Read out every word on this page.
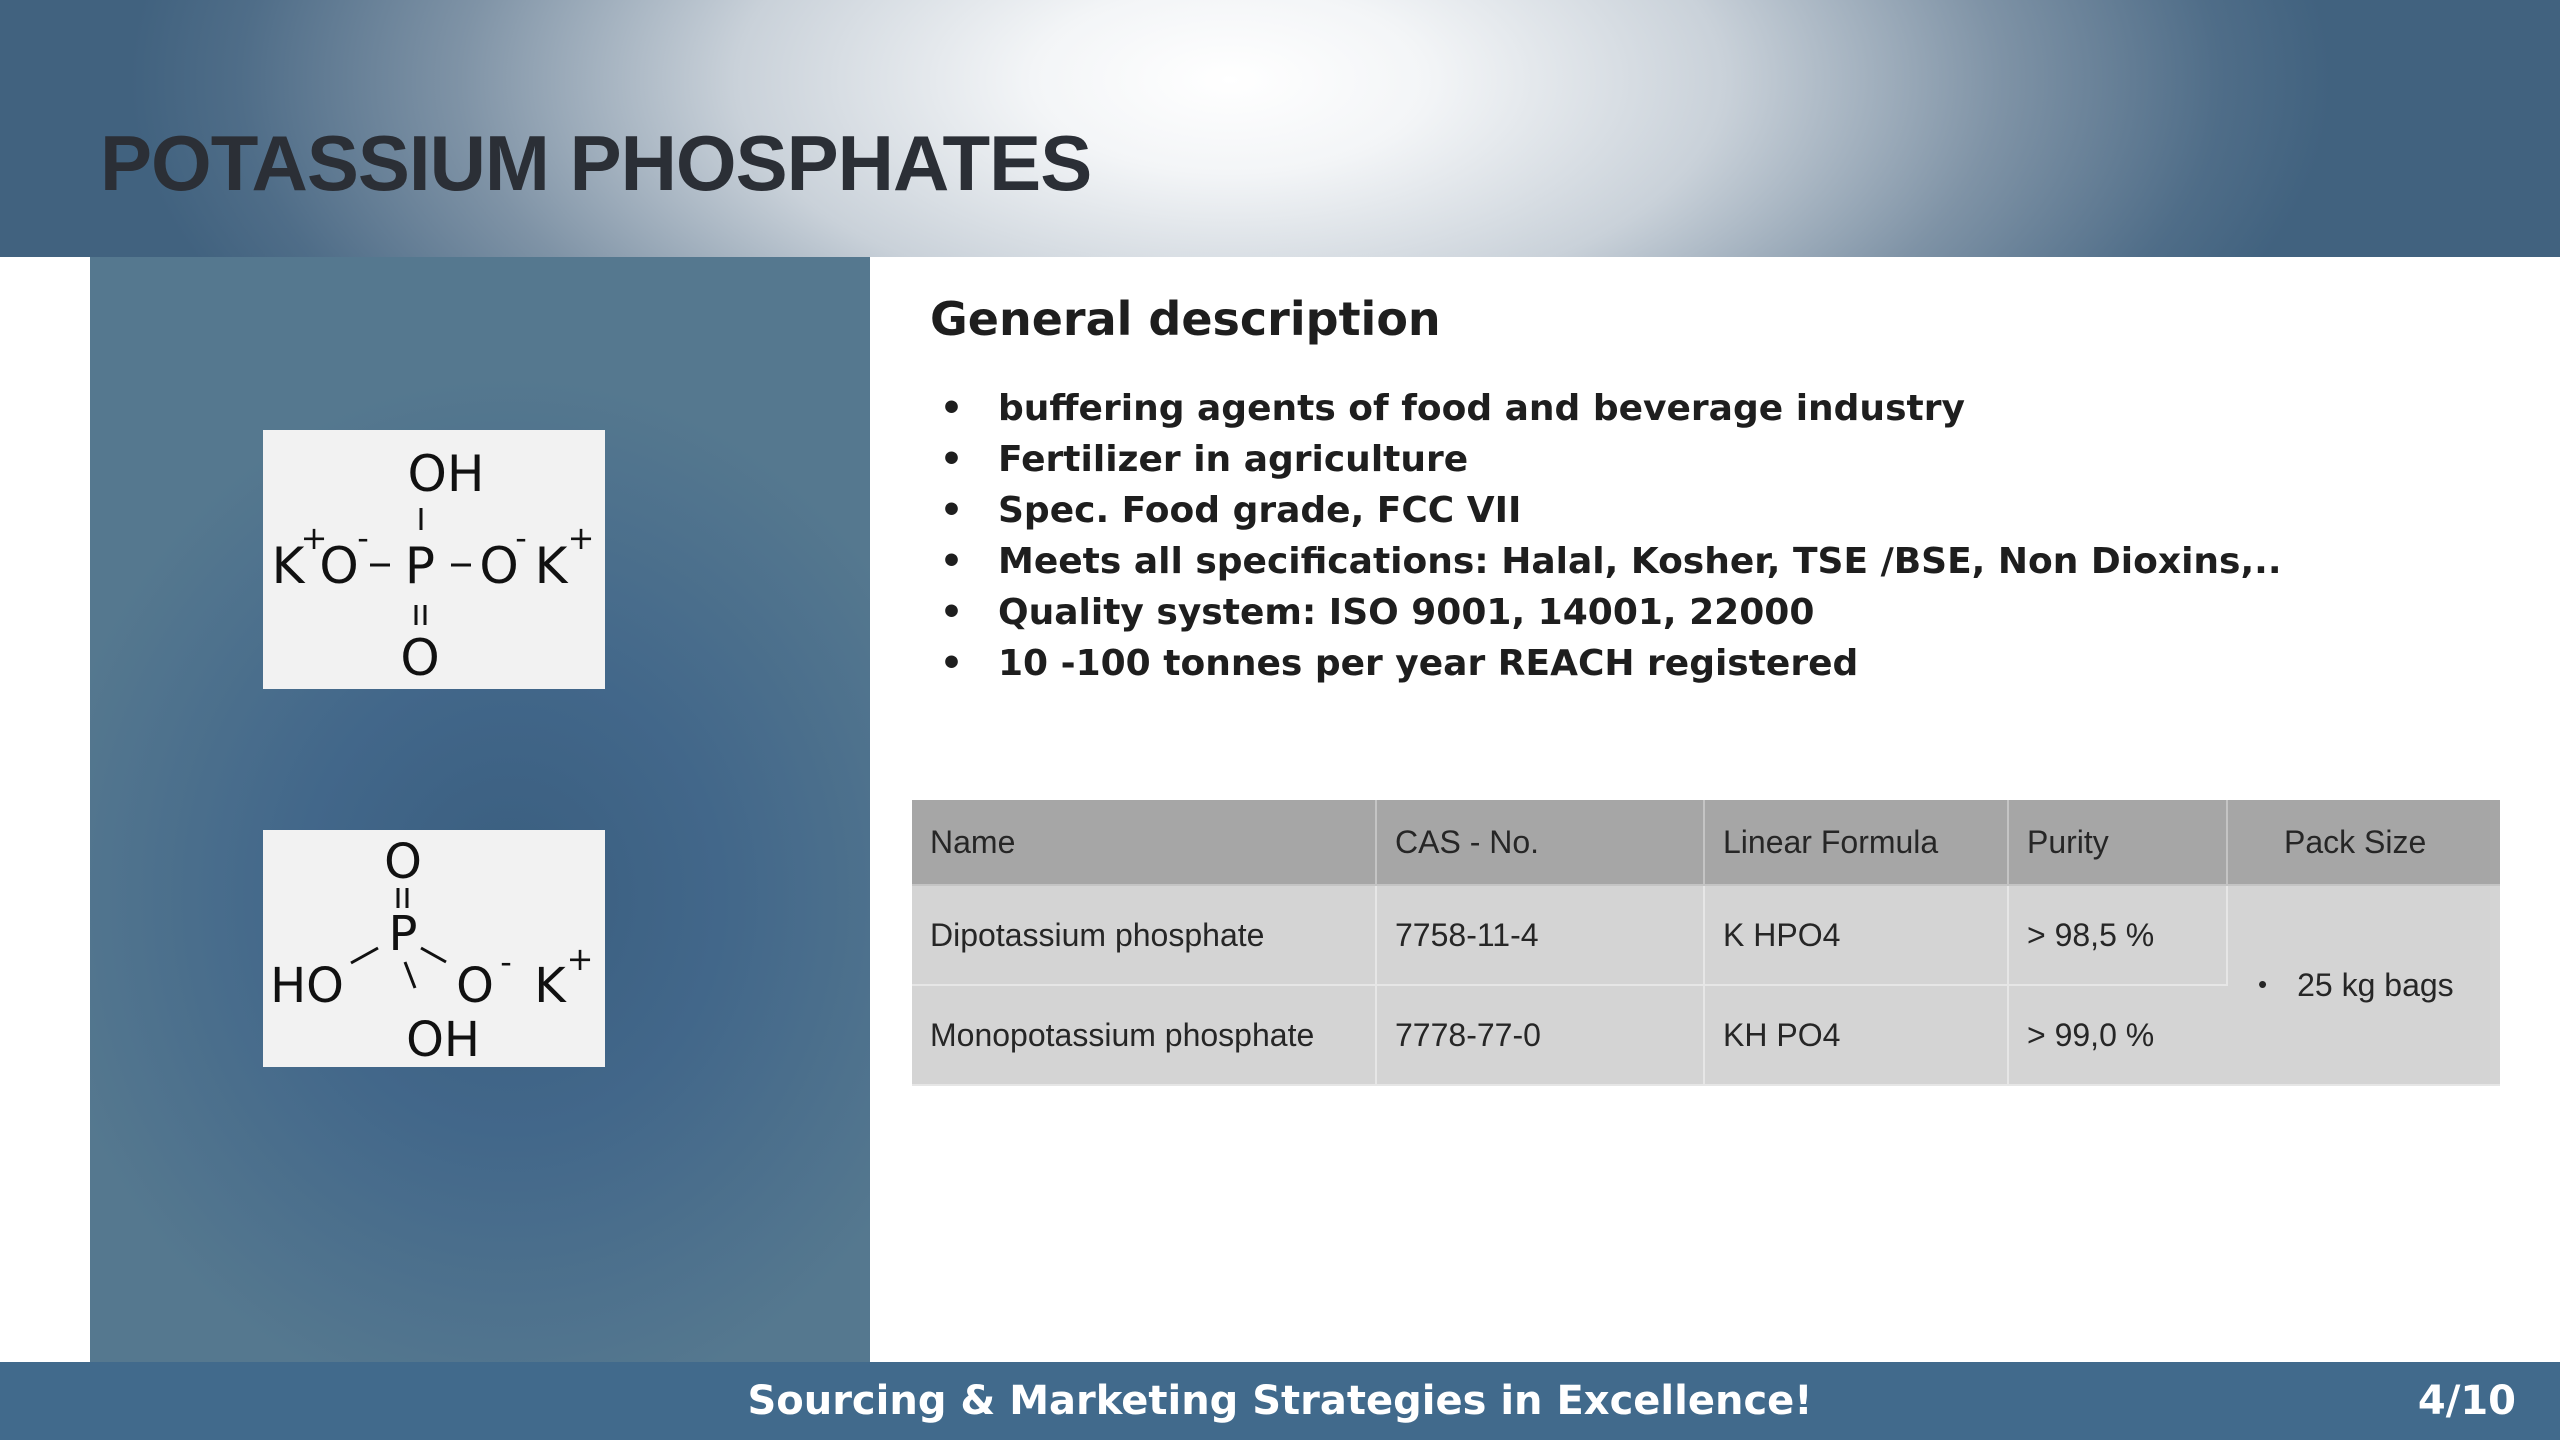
POTASSIUM PHOSPHATES
OH
K
+
O
- P O
- K +
O
O
P
HO O - K +
OH
General description
• buffering agents of food and beverage industry
• Fertilizer in agriculture
• Spec. Food grade, FCC VII
• Meets all specifications: Halal, Kosher, TSE /BSE, Non Dioxins,..
• Quality system: ISO 9001, 14001, 22000
• 10 -100 tonnes per year REACH registered
Name	CAS - No.	Linear Formula	Purity	Pack Size
Dipotassium phosphate	7758-11-4	K HPO4	> 98,5 %	• 25 kg bags
Monopotassium phosphate	7778-77-0	KH PO4	> 99,0 %	
Sourcing & Marketing Strategies in Excellence!	4/10
